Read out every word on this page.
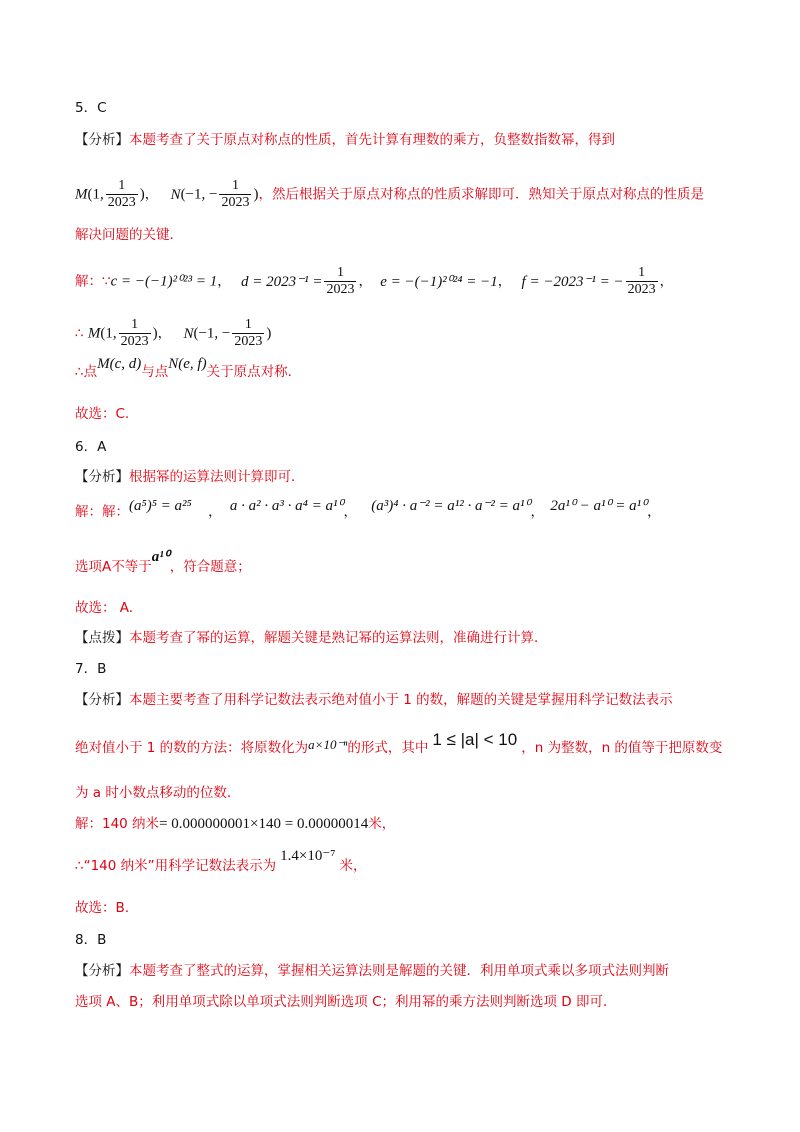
5．C
【分析】本题考查了关于原点对称点的性质，首先计算有理数的乘方，负整数指数幂，得到
M(1, $\frac{1}{2023}$ )， N(−1, − $\frac{1}{2023}$ )，然后根据关于原点对称点的性质求解即可．熟知关于原点对称点的性质是
解决问题的关键．
解：∵c = −(−1)²⁰²³ = 1， $d = 2023^{-1} = \frac{1}{2023}$ ， e = −(−1)²⁰²⁴ = −1， f = −2023⁻¹ = − $\frac{1}{2023}$ ，
∴ M(1, $\frac{1}{2023}$ )， N(−1, − $\frac{1}{2023}$ )
∴点M(c, d)与点N(e, f)关于原点对称．
故选：C.
6．A
【分析】根据幂的运算法则计算即可．
解：解：(a⁵)⁵ = a²⁵ ， a · a² · a³ · a⁴ = a¹⁰， (a³)⁴ · a⁻² = a¹² · a⁻² = a¹⁰， 2a¹⁰ − a¹⁰ = a¹⁰，
选项A不等于a¹⁰，符合题意；
故选： A.
【点拨】本题考查了幂的运算，解题关键是熟记幂的运算法则，准确进行计算．
7．B
【分析】本题主要考查了用科学记数法表示绝对值小于 1 的数，解题的关键是掌握用科学记数法表示
绝对值小于 1 的数的方法：将原数化为a×10⁻ⁿ的形式，其中 1 ≤ |a| < 10 ，n 为整数，n 的值等于把原数变
为 a 时小数点移动的位数．
解：140 纳米= 0.000000001×140 = 0.00000014米，
∴“140 纳米”用科学记数法表示为1.4×10⁻⁷米，
故选：B.
8．B
【分析】本题考查了整式的运算，掌握相关运算法则是解题的关键．利用单项式乘以多项式法则判断
选项 A、B；利用单项式除以单项式法则判断选项 C；利用幂的乘方法则判断选项 D 即可．
